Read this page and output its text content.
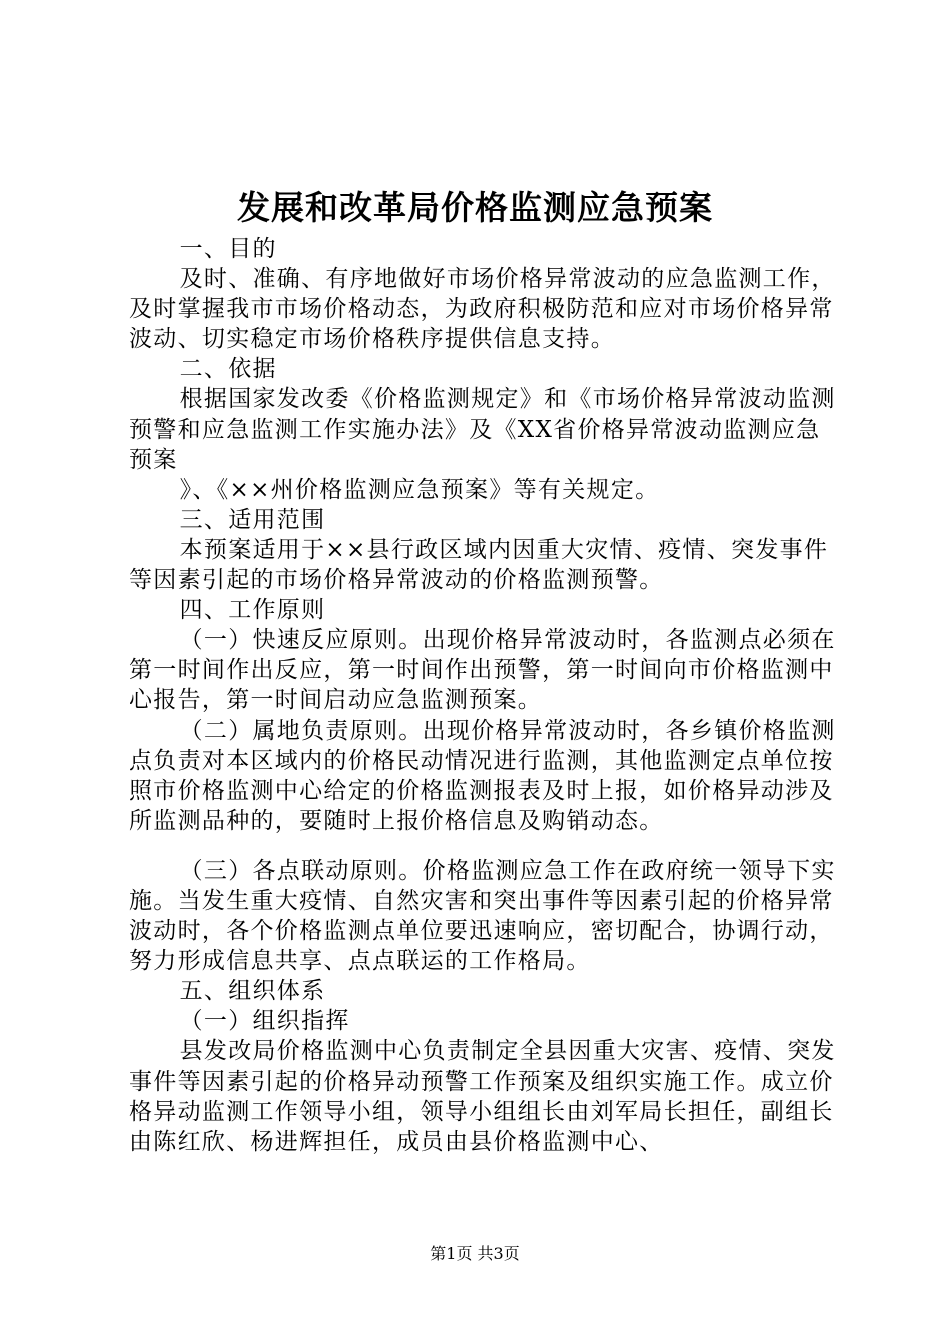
发展和改革局价格监测应急预案

一、目的

及时、准确、有序地做好市场价格异常波动的应急监测工作，及时掌握我市市场价格动态，为政府积极防范和应对市场价格异常波动、切实稳定市场价格秩序提供信息支持。

二、依据

根据国家发改委《价格监测规定》和《市场价格异常波动监测预警和应急监测工作实施办法》及《XX省价格异常波动监测应急预案

》、《××州价格监测应急预案》等有关规定。

三、适用范围

本预案适用于××县行政区域内因重大灾情、疫情、突发事件等因素引起的市场价格异常波动的价格监测预警。

四、工作原则

（一）快速反应原则。出现价格异常波动时，各监测点必须在第一时间作出反应，第一时间作出预警，第一时间向市价格监测中心报告，第一时间启动应急监测预案。

（二）属地负责原则。出现价格异常波动时，各乡镇价格监测点负责对本区域内的价格民动情况进行监测，其他监测定点单位按照市价格监测中心给定的价格监测报表及时上报，如价格异动涉及所监测品种的，要随时上报价格信息及购销动态。

（三）各点联动原则。价格监测应急工作在政府统一领导下实施。当发生重大疫情、自然灾害和突出事件等因素引起的价格异常波动时，各个价格监测点单位要迅速响应，密切配合，协调行动，努力形成信息共享、点点联运的工作格局。

五、组织体系

（一）组织指挥

县发改局价格监测中心负责制定全县因重大灾害、疫情、突发事件等因素引起的价格异动预警工作预案及组织实施工作。成立价格异动监测工作领导小组，领导小组组长由刘军局长担任，副组长由陈红欣、杨进辉担任，成员由县价格监测中心、

第1页 共3页
